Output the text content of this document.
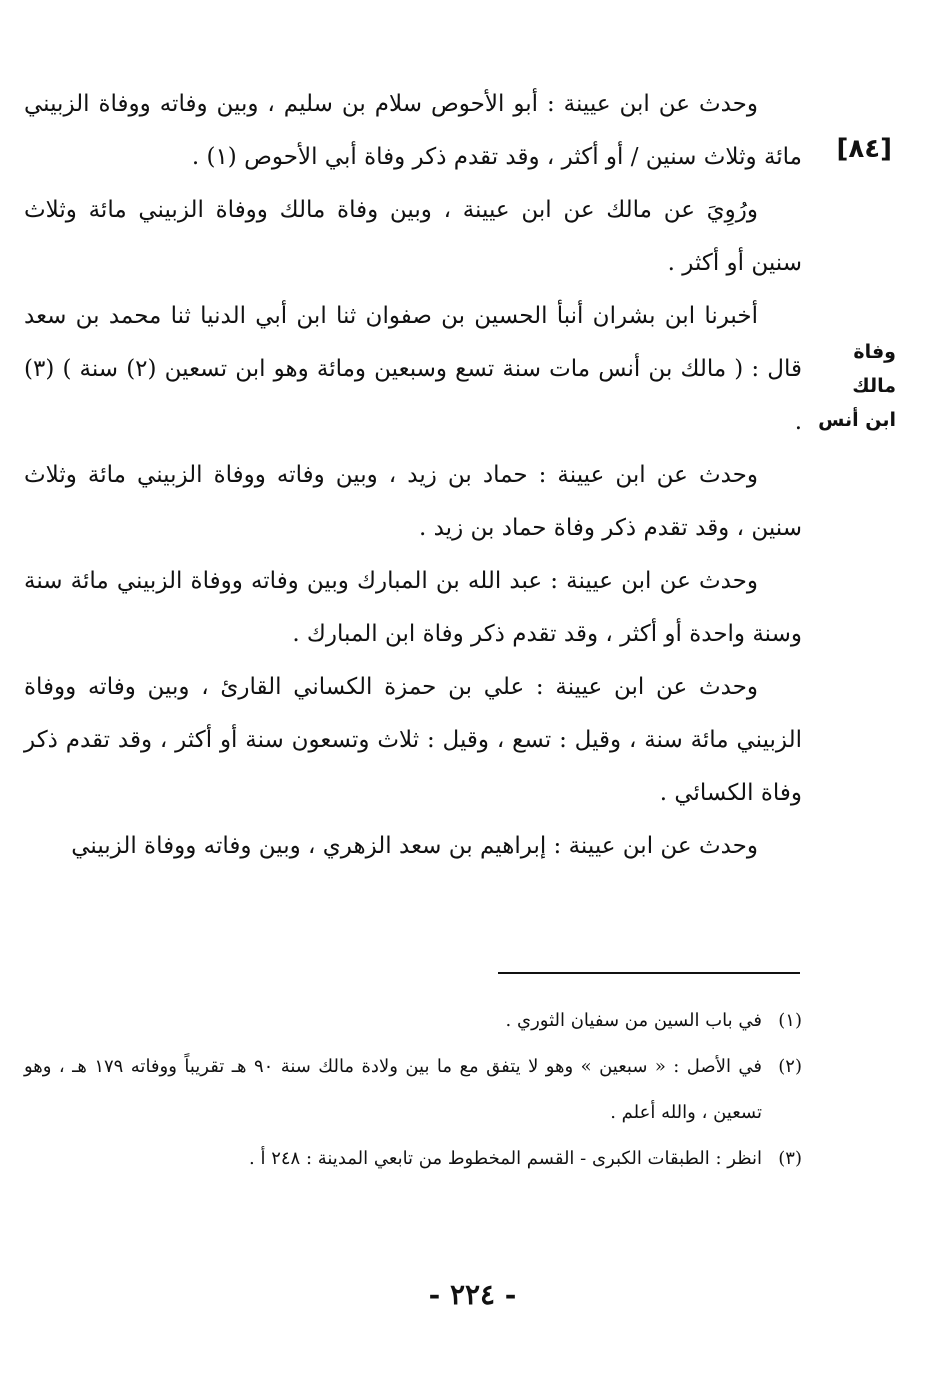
[٨٤]
وفاة مالك
ابن أنس

وحدث عن ابن عيينة : أبو الأحوص سلام بن سليم ، وبين وفاته ووفاة الزبيني مائة وثلاث سنين / أو أكثر ، وقد تقدم ذكر وفاة أبي الأحوص (١) .

ورُوِيَ عن مالك عن ابن عيينة ، وبين وفاة مالك ووفاة الزبيني مائة وثلاث سنين أو أكثر .

أخبرنا ابن بشران أنبأ الحسين بن صفوان ثنا ابن أبي الدنيا ثنا محمد بن سعد قال : ( مالك بن أنس مات سنة تسع وسبعين ومائة وهو ابن تسعين (٢) سنة ) (٣) .

وحدث عن ابن عيينة : حماد بن زيد ، وبين وفاته ووفاة الزبيني مائة وثلاث سنين ، وقد تقدم ذكر وفاة حماد بن زيد .

وحدث عن ابن عيينة : عبد الله بن المبارك وبين وفاته ووفاة الزبيني مائة سنة وسنة واحدة أو أكثر ، وقد تقدم ذكر وفاة ابن المبارك .

وحدث عن ابن عيينة : علي بن حمزة الكساني القارئ ، وبين وفاته ووفاة الزبيني مائة سنة ، وقيل : تسع ، وقيل : ثلاث وتسعون سنة أو أكثر ، وقد تقدم ذكر وفاة الكسائي .

وحدث عن ابن عيينة : إبراهيم بن سعد الزهري ، وبين وفاته ووفاة الزبيني

(١)
في باب السين من سفيان الثوري .
(٢)
في الأصل : « سبعين » وهو لا يتفق مع ما بين ولادة مالك سنة ٩٠ هـ تقريباً ووفاته ١٧٩ هـ ، وهو تسعين ، والله أعلم .
(٣)
انظر : الطبقات الكبرى - القسم المخطوط من تابعي المدينة : ٢٤٨ أ .
- ٢٢٤ -
